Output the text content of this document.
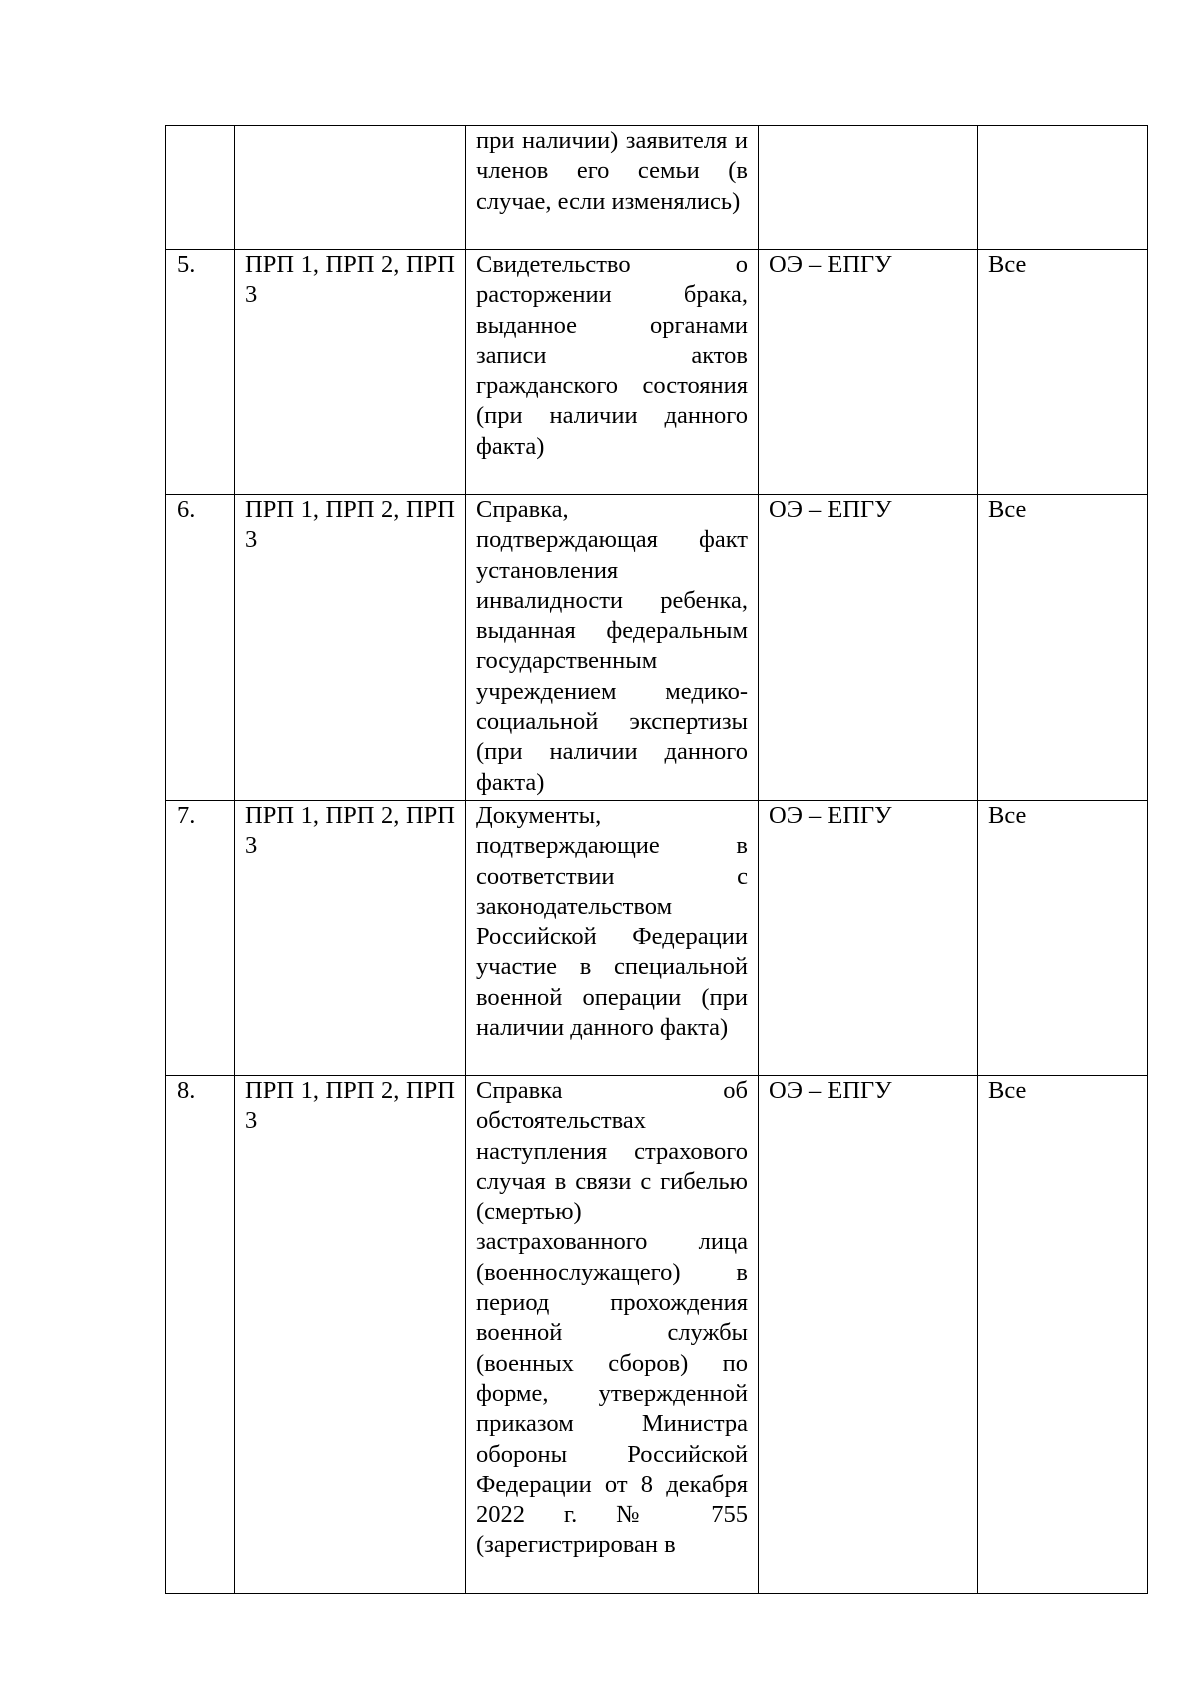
		при наличии) заявителя и членов его семьи (в случае, если изменялись)		

5.	ПРП 1, ПРП 2, ПРП 3	Свидетельство о расторжении брака, выданное органами записи актов гражданского состояния (при наличии данного факта)	ОЭ – ЕПГУ	Все

6.	ПРП 1, ПРП 2, ПРП 3	Справка, подтверждающая факт установления инвалидности ребенка, выданная федеральным государственным учреждением медико-социальной экспертизы (при наличии данного факта)	ОЭ – ЕПГУ	Все

7.	ПРП 1, ПРП 2, ПРП 3	Документы, подтверждающие в соответствии с законодательством Российской Федерации участие в специальной военной операции (при наличии данного факта)	ОЭ – ЕПГУ	Все

8.	ПРП 1, ПРП 2, ПРП 3	Справка об обстоятельствах наступления страхового случая в связи с гибелью (смертью) застрахованного лица (военнослужащего) в период прохождения военной службы (военных сборов) по форме, утвержденной приказом Министра обороны Российской Федерации от 8 декабря 2022 г. № 755 (зарегистрирован в	ОЭ – ЕПГУ	Все
